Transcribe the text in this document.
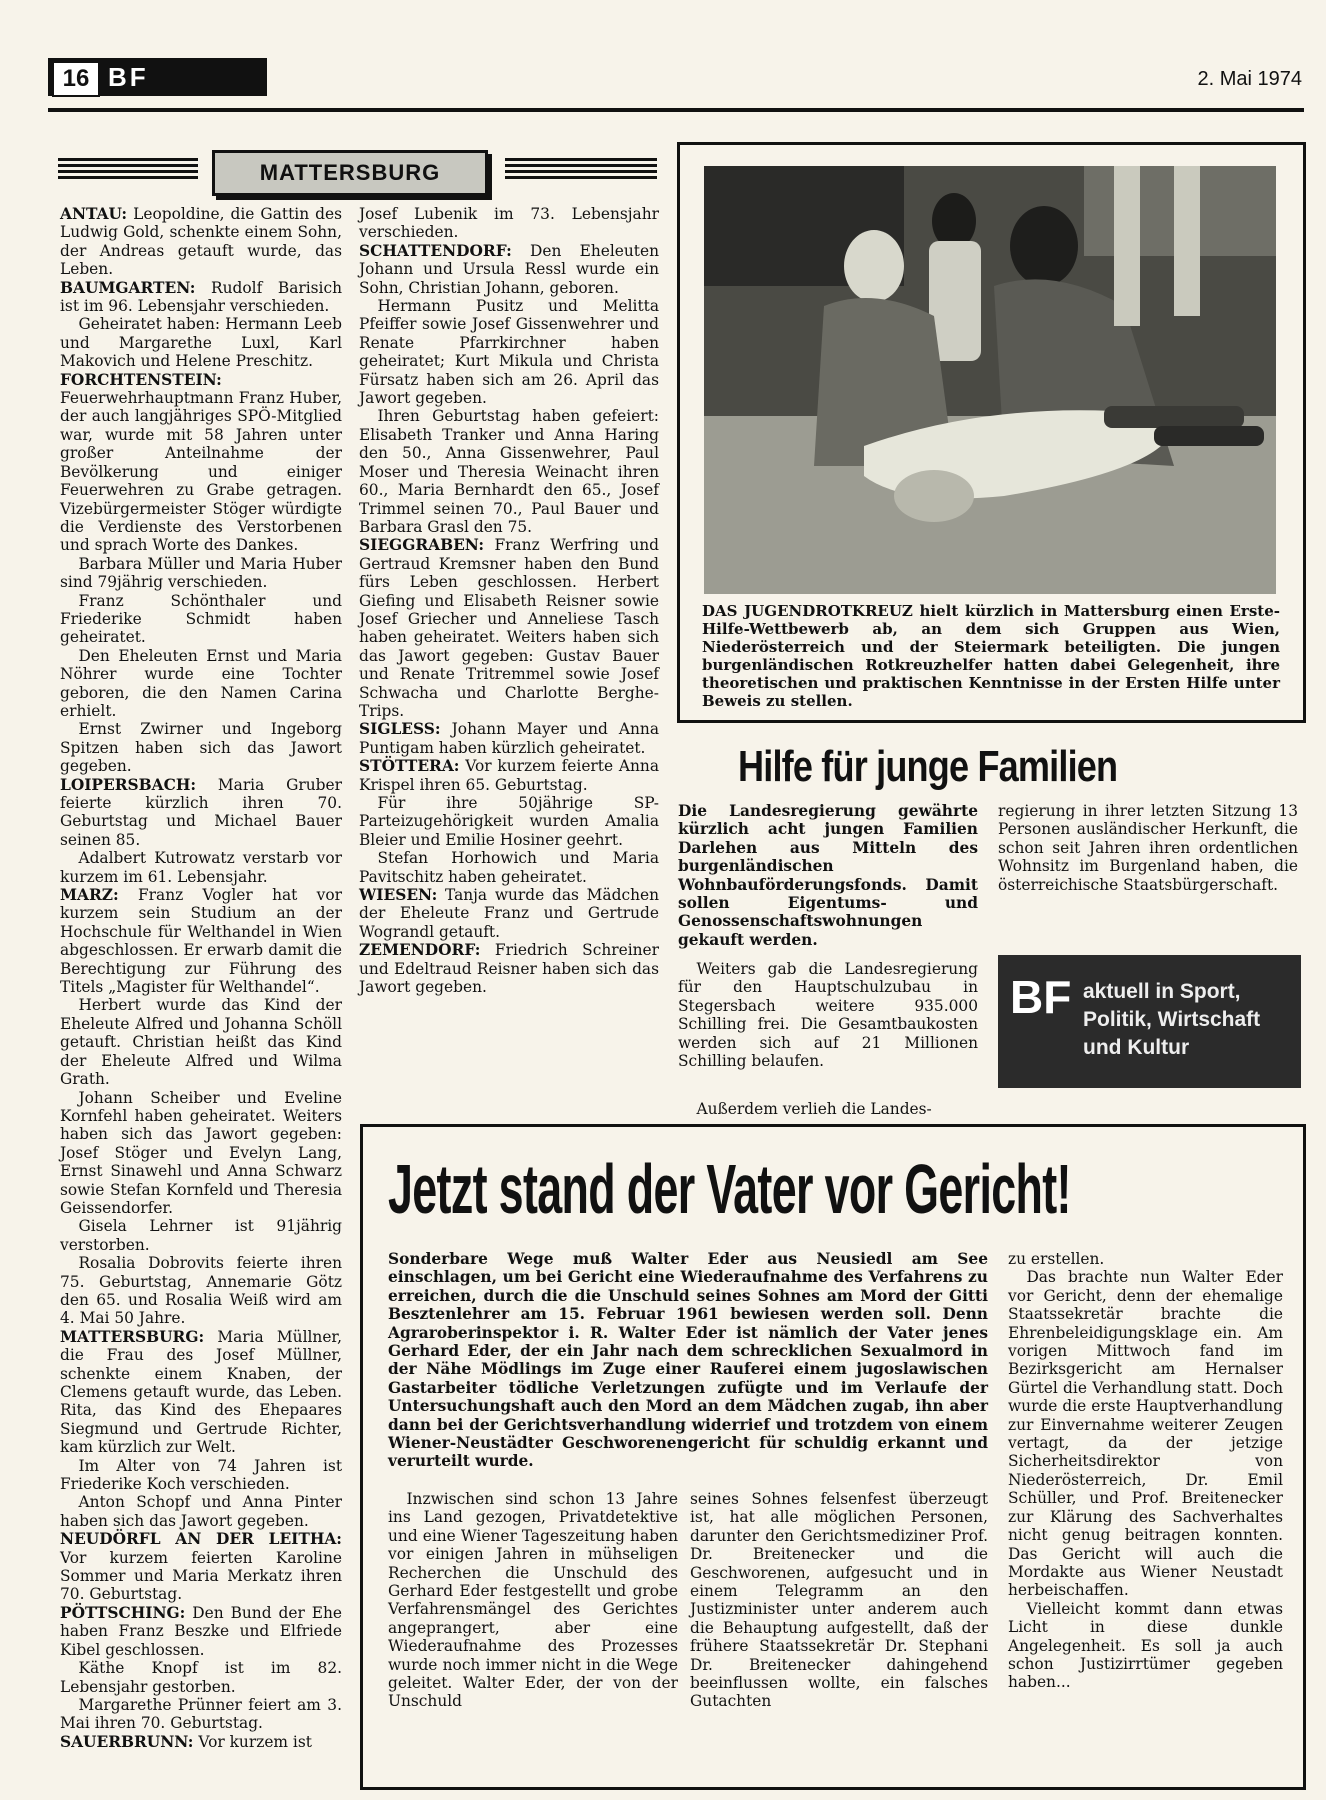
16 BF	2. Mai 1974
MATTERSBURG

ANTAU: Leopoldine, die Gattin des Ludwig Gold, schenkte einem Sohn, der Andreas getauft wurde, das Leben.

BAUMGARTEN: Rudolf Barisich ist im 96. Lebensjahr verschieden.

Geheiratet haben: Hermann Leeb und Margarethe Luxl, Karl Makovich und Helene Preschitz.

FORCHTENSTEIN: Feuerwehrhauptmann Franz Huber, der auch langjähriges SPÖ-Mitglied war, wurde mit 58 Jahren unter großer Anteilnahme der Bevölkerung und einiger Feuerwehren zu Grabe getragen. Vizebürgermeister Stöger würdigte die Verdienste des Verstorbenen und sprach Worte des Dankes.

Barbara Müller und Maria Huber sind 79jährig verschieden.

Franz Schönthaler und Friederike Schmidt haben geheiratet.

Den Eheleuten Ernst und Maria Nöhrer wurde eine Tochter geboren, die den Namen Carina erhielt.

Ernst Zwirner und Ingeborg Spitzen haben sich das Jawort gegeben.

LOIPERSBACH: Maria Gruber feierte kürzlich ihren 70. Geburtstag und Michael Bauer seinen 85.

Adalbert Kutrowatz verstarb vor kurzem im 61. Lebensjahr.

MARZ: Franz Vogler hat vor kurzem sein Studium an der Hochschule für Welthandel in Wien abgeschlossen. Er erwarb damit die Berechtigung zur Führung des Titels „Magister für Welthandel“.

Herbert wurde das Kind der Eheleute Alfred und Johanna Schöll getauft. Christian heißt das Kind der Eheleute Alfred und Wilma Grath.

Johann Scheiber und Eveline Kornfehl haben geheiratet. Weiters haben sich das Jawort gegeben: Josef Stöger und Evelyn Lang, Ernst Sinawehl und Anna Schwarz sowie Stefan Kornfeld und Theresia Geissendorfer.

Gisela Lehrner ist 91jährig verstorben.

Rosalia Dobrovits feierte ihren 75. Geburtstag, Annemarie Götz den 65. und Rosalia Weiß wird am 4. Mai 50 Jahre.

MATTERSBURG: Maria Müllner, die Frau des Josef Müllner, schenkte einem Knaben, der Clemens getauft wurde, das Leben. Rita, das Kind des Ehepaares Siegmund und Gertrude Richter, kam kürzlich zur Welt.

Im Alter von 74 Jahren ist Friederike Koch verschieden.

Anton Schopf und Anna Pinter haben sich das Jawort gegeben.

NEUDÖRFL AN DER LEITHA: Vor kurzem feierten Karoline Sommer und Maria Merkatz ihren 70. Geburtstag.

PÖTTSCHING: Den Bund der Ehe haben Franz Beszke und Elfriede Kibel geschlossen.

Käthe Knopf ist im 82. Lebensjahr gestorben.

Margarethe Prünner feiert am 3. Mai ihren 70. Geburtstag.

SAUERBRUNN: Vor kurzem ist

Josef Lubenik im 73. Lebensjahr verschieden.

SCHATTENDORF: Den Eheleuten Johann und Ursula Ressl wurde ein Sohn, Christian Johann, geboren.

Hermann Pusitz und Melitta Pfeiffer sowie Josef Gissenwehrer und Renate Pfarrkirchner haben geheiratet; Kurt Mikula und Christa Fürsatz haben sich am 26. April das Jawort gegeben.

Ihren Geburtstag haben gefeiert: Elisabeth Tranker und Anna Haring den 50., Anna Gissenwehrer, Paul Moser und Theresia Weinacht ihren 60., Maria Bernhardt den 65., Josef Trimmel seinen 70., Paul Bauer und Barbara Grasl den 75.

SIEGGRABEN: Franz Werfring und Gertraud Kremsner haben den Bund fürs Leben geschlossen. Herbert Giefing und Elisabeth Reisner sowie Josef Griecher und Anneliese Tasch haben geheiratet. Weiters haben sich das Jawort gegeben: Gustav Bauer und Renate Tritremmel sowie Josef Schwacha und Charlotte Berghe-Trips.

SIGLESS: Johann Mayer und Anna Puntigam haben kürzlich geheiratet.

STÖTTERA: Vor kurzem feierte Anna Krispel ihren 65. Geburtstag.

Für ihre 50jährige SP-Parteizugehörigkeit wurden Amalia Bleier und Emilie Hosiner geehrt.

Stefan Horhowich und Maria Pavitschitz haben geheiratet.

WIESEN: Tanja wurde das Mädchen der Eheleute Franz und Gertrude Wograndl getauft.

ZEMENDORF: Friedrich Schreiner und Edeltraud Reisner haben sich das Jawort gegeben.

DAS JUGENDROTKREUZ hielt kürzlich in Mattersburg einen Erste-Hilfe-Wettbewerb ab, an dem sich Gruppen aus Wien, Niederösterreich und der Steiermark beteiligten. Die jungen burgenländischen Rotkreuzhelfer hatten dabei Gelegenheit, ihre theoretischen und praktischen Kenntnisse in der Ersten Hilfe unter Beweis zu stellen.
Hilfe für junge Familien
Die Landesregierung gewährte kürzlich acht jungen Familien Darlehen aus Mitteln des burgenländischen Wohnbauförderungsfonds. Damit sollen Eigentums- und Genossenschaftswohnungen gekauft werden.
Weiters gab die Landesregierung für den Hauptschulzubau in Stegersbach weitere 935.000 Schilling frei. Die Gesamtbaukosten werden sich auf 21 Millionen Schilling belaufen.
Außerdem verlieh die Landes-
regierung in ihrer letzten Sitzung 13 Personen ausländischer Herkunft, die schon seit Jahren ihren ordentlichen Wohnsitz im Burgenland haben, die österreichische Staatsbürgerschaft.
BF aktuell in Sport, Politik, Wirtschaft und Kultur
Jetzt stand der Vater vor Gericht!
Sonderbare Wege muß Walter Eder aus Neusiedl am See einschlagen, um bei Gericht eine Wiederaufnahme des Verfahrens zu erreichen, durch die die Unschuld seines Sohnes am Mord der Gitti Besztenlehrer am 15. Februar 1961 bewiesen werden soll. Denn Agraroberinspektor i. R. Walter Eder ist nämlich der Vater jenes Gerhard Eder, der ein Jahr nach dem schrecklichen Sexualmord in der Nähe Mödlings im Zuge einer Rauferei einem jugoslawischen Gastarbeiter tödliche Verletzungen zufügte und im Verlaufe der Untersuchungshaft auch den Mord an dem Mädchen zugab, ihn aber dann bei der Gerichtsverhandlung widerrief und trotzdem von einem Wiener-Neustädter Geschworenengericht für schuldig erkannt und verurteilt wurde.
Inzwischen sind schon 13 Jahre ins Land gezogen, Privatdetektive und eine Wiener Tageszeitung haben vor einigen Jahren in mühseligen Recherchen die Unschuld des Gerhard Eder festgestellt und grobe Verfahrensmängel des Gerichtes angeprangert, aber eine Wiederaufnahme des Prozesses wurde noch immer nicht in die Wege geleitet. Walter Eder, der von der Unschuld
seines Sohnes felsenfest überzeugt ist, hat alle möglichen Personen, darunter den Gerichtsmediziner Prof. Dr. Breitenecker und die Geschworenen, aufgesucht und in einem Telegramm an den Justizminister unter anderem auch die Behauptung aufgestellt, daß der frühere Staatssekretär Dr. Stephani Dr. Breitenecker dahingehend beeinflussen wollte, ein falsches Gutachten

zu erstellen.

Das brachte nun Walter Eder vor Gericht, denn der ehemalige Staatssekretär brachte die Ehrenbeleidigungsklage ein. Am vorigen Mittwoch fand im Bezirksgericht am Hernalser Gürtel die Verhandlung statt. Doch wurde die erste Hauptverhandlung zur Einvernahme weiterer Zeugen vertagt, da der jetzige Sicherheitsdirektor von Niederösterreich, Dr. Emil Schüller, und Prof. Breitenecker zur Klärung des Sachverhaltes nicht genug beitragen konnten. Das Gericht will auch die Mordakte aus Wiener Neustadt herbeischaffen.

Vielleicht kommt dann etwas Licht in diese dunkle Angelegenheit. Es soll ja auch schon Justizirrtümer gegeben haben...
